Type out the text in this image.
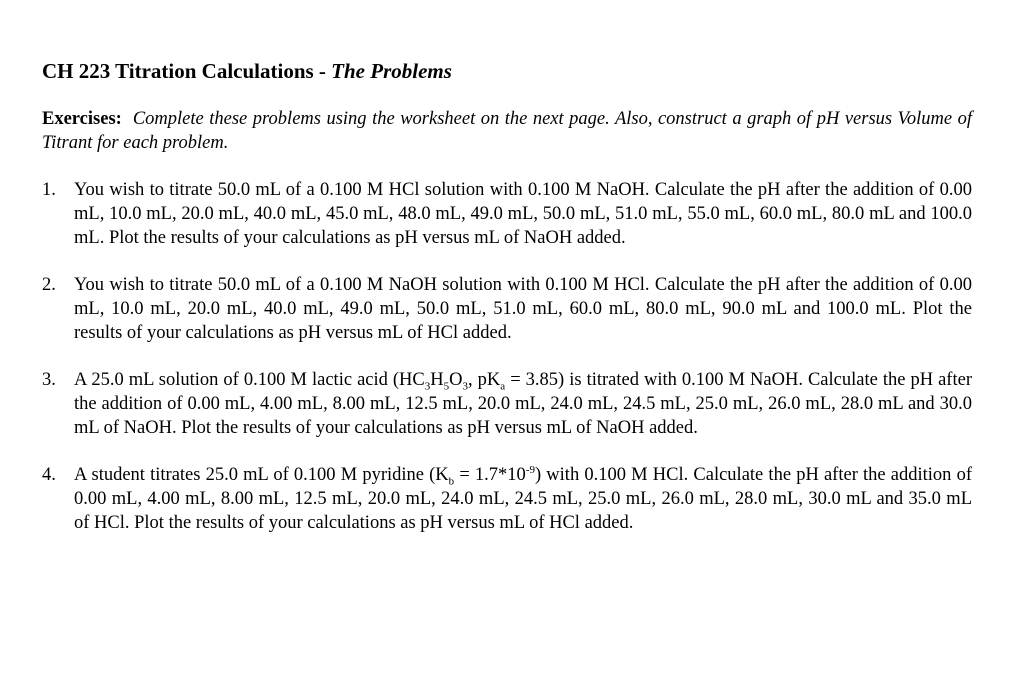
CH 223 Titration Calculations - The Problems

Exercises: Complete these problems using the worksheet on the next page. Also, construct a graph of pH versus Volume of Titrant for each problem.

1. You wish to titrate 50.0 mL of a 0.100 M HCl solution with 0.100 M NaOH. Calculate the pH after the addition of 0.00 mL, 10.0 mL, 20.0 mL, 40.0 mL, 45.0 mL, 48.0 mL, 49.0 mL, 50.0 mL, 51.0 mL, 55.0 mL, 60.0 mL, 80.0 mL and 100.0 mL. Plot the results of your calculations as pH versus mL of NaOH added.
2. You wish to titrate 50.0 mL of a 0.100 M NaOH solution with 0.100 M HCl. Calculate the pH after the addition of 0.00 mL, 10.0 mL, 20.0 mL, 40.0 mL, 49.0 mL, 50.0 mL, 51.0 mL, 60.0 mL, 80.0 mL, 90.0 mL and 100.0 mL. Plot the results of your calculations as pH versus mL of HCl added.
3. A 25.0 mL solution of 0.100 M lactic acid ($HC_3H_5O_3$, $pK_a = 3.85$) is titrated with 0.100 M NaOH. Calculate the pH after the addition of 0.00 mL, 4.00 mL, 8.00 mL, 12.5 mL, 20.0 mL, 24.0 mL, 24.5 mL, 25.0 mL, 26.0 mL, 28.0 mL and 30.0 mL of NaOH. Plot the results of your calculations as pH versus mL of NaOH added.
4. A student titrates 25.0 mL of 0.100 M pyridine $(K_b = 1.7*10^{-9})$ with 0.100 M HCl. Calculate the pH after the addition of 0.00 mL, 4.00 mL, 8.00 mL, 12.5 mL, 20.0 mL, 24.0 mL, 24.5 mL, 25.0 mL, 26.0 mL, 28.0 mL, 30.0 mL and 35.0 mL of HCl. Plot the results of your calculations as pH versus mL of HCl added.
